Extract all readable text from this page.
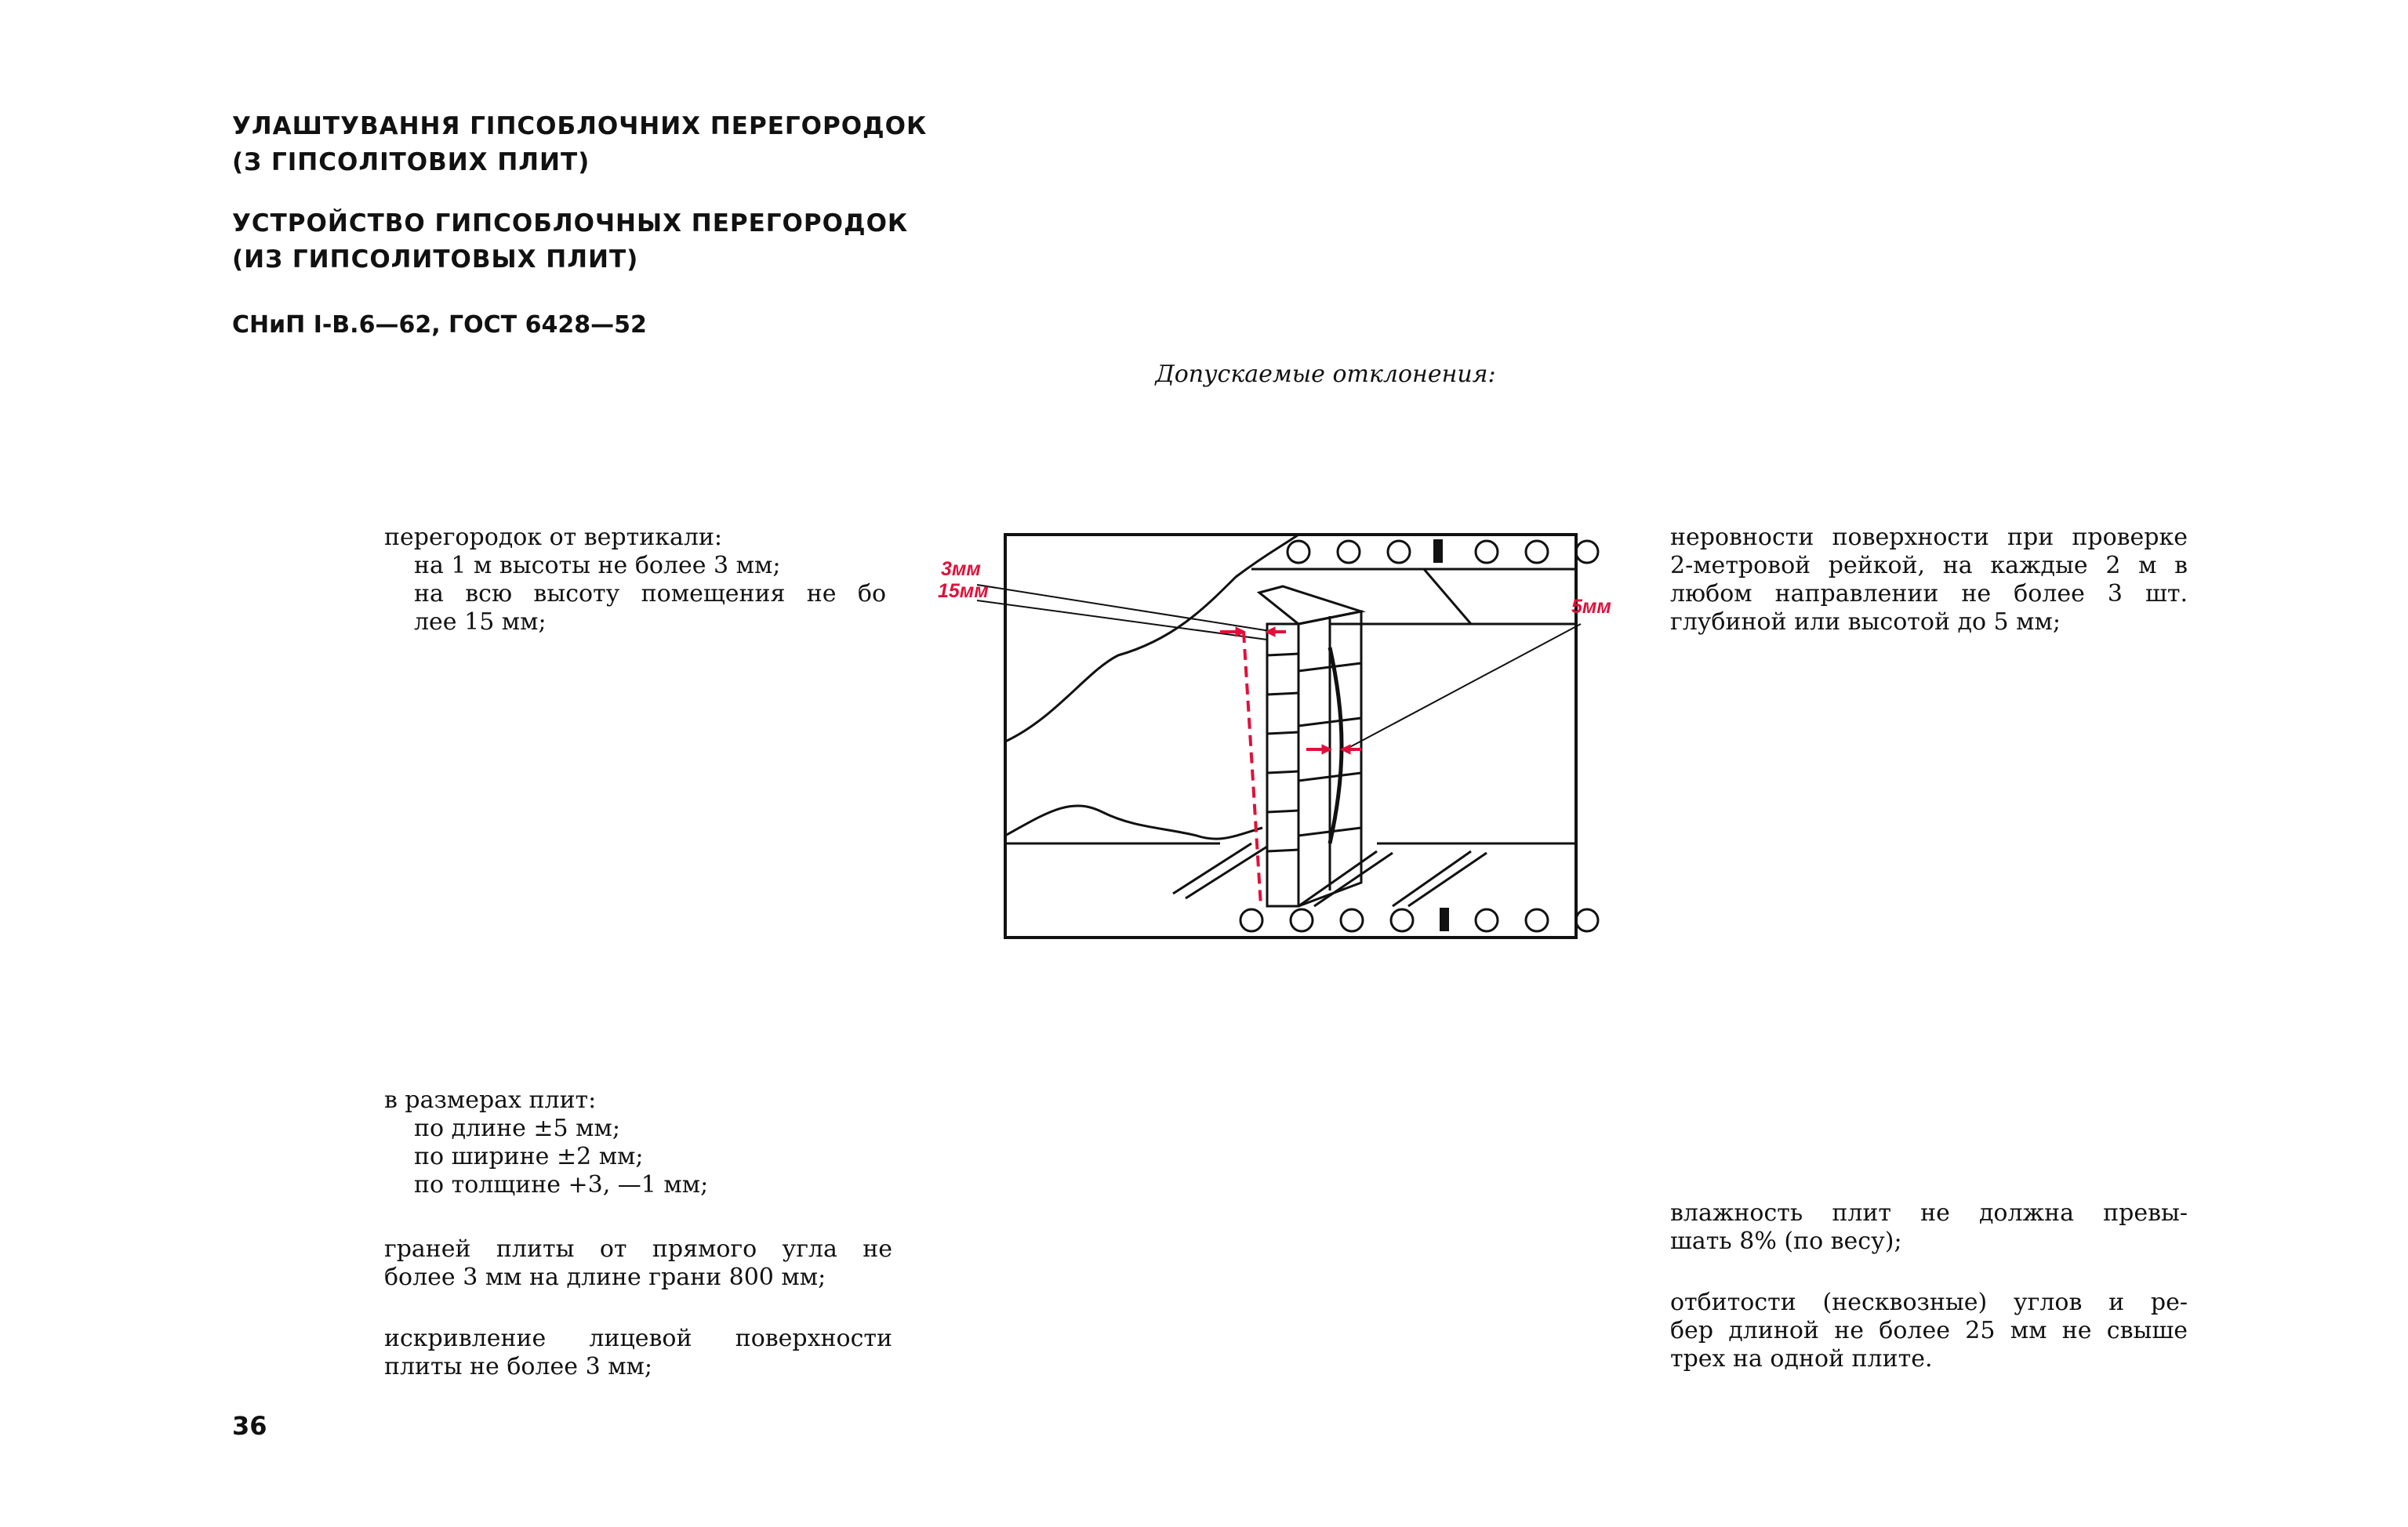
УЛАШТУВАННЯ ГІПСОБЛОЧНИХ ПЕРЕГОРОДОК
(З ГІПСОЛІТОВИХ ПЛИТ)
УСТРОЙСТВО ГИПСОБЛОЧНЫХ ПЕРЕГОРОДОК
(ИЗ ГИПСОЛИТОВЫХ ПЛИТ)
СНиП І-В.6—62, ГОСТ 6428—52

Допускаемые отклонения:

перегородок от вертикали:
на 1 м высоты не более 3 мм;
на всю высоту помещения не бо
лее 15 мм;
в размерах плит:
по длине ±5 мм;
по ширине ±2 мм;
по толщине +3, —1 мм;
граней плиты от прямого угла не
более 3 мм на длине грани 800 мм;
искривление лицевой поверхности
плиты не более 3 мм;
неровности поверхности при проверке
2-метровой рейкой, на каждые 2 м в
любом направлении не более 3 шт.
глубиной или высотой до 5 мм;
влажность плит не должна превы-
шать 8% (по весу);
отбитости (несквозные) углов и ре-
бер длиной не более 25 мм не свыше
трех на одной плите.
36
3мм
15мм
5мм
